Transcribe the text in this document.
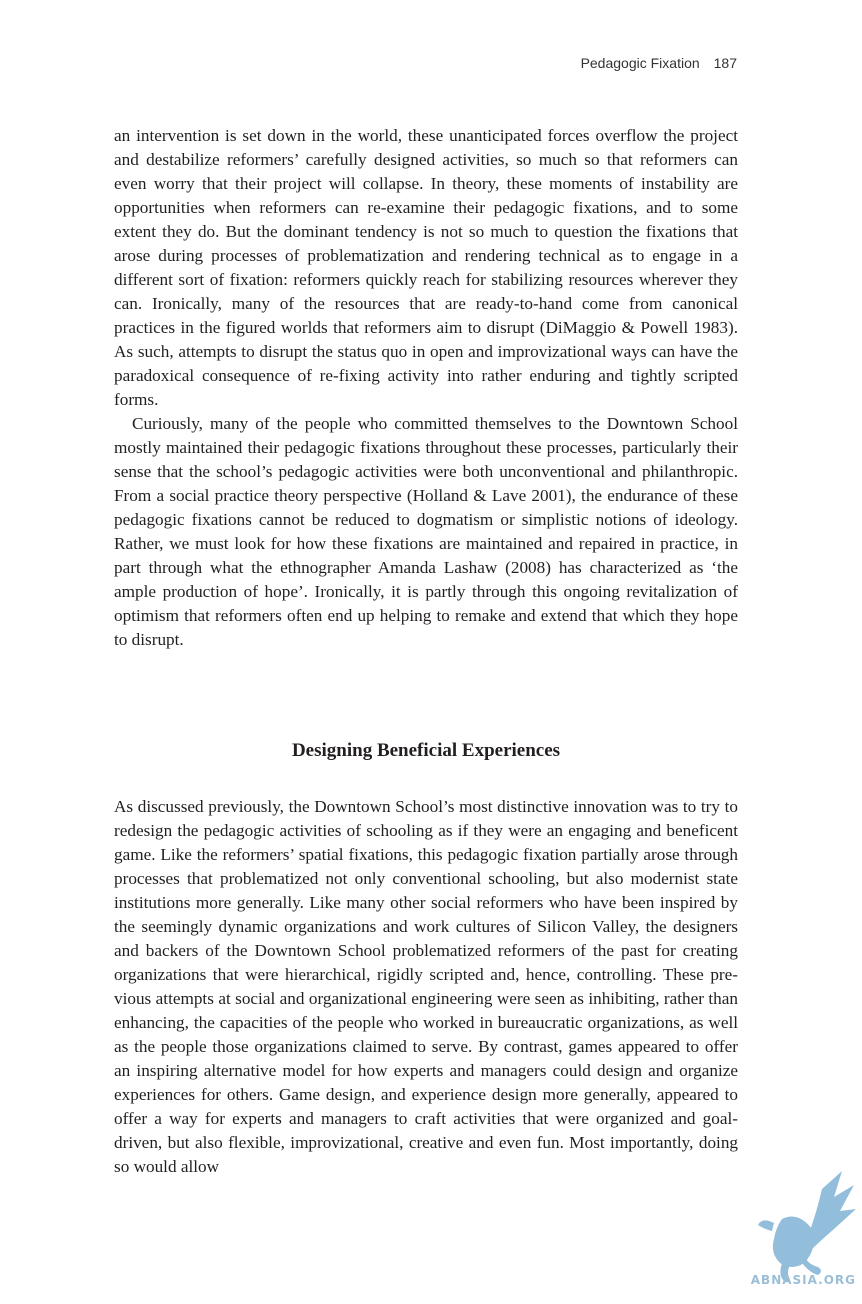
Pedagogic Fixation 187

an intervention is set down in the world, these unanticipated forces overflow the project and destabilize reformers’ carefully designed activities, so much so that reformers can even worry that their project will collapse. In theory, these moments of instability are opportunities when reformers can re-examine their pedagogic fixations, and to some extent they do. But the dominant tendency is not so much to question the fixations that arose during processes of problematization and rendering technical as to engage in a different sort of fixation: reformers quickly reach for stabilizing resources wherever they can. Ironically, many of the resources that are ready-to-hand come from canonical practices in the figured worlds that reformers aim to disrupt (DiMaggio & Powell 1983). As such, attempts to disrupt the status quo in open and improvizational ways can have the paradoxical consequence of re-fixing activity into rather enduring and tightly scripted forms.

Curiously, many of the people who committed themselves to the Downtown School mostly maintained their pedagogic fixations throughout these processes, particularly their sense that the school’s pedagogic activities were both unconventional and philanthropic. From a social practice theory perspective (Holland & Lave 2001), the endurance of these pedagogic fixations cannot be reduced to dogmatism or simplistic notions of ideology. Rather, we must look for how these fixations are maintained and repaired in practice, in part through what the ethnographer Amanda Lashaw (2008) has characterized as ‘the ample production of hope’. Ironically, it is partly through this ongoing revitalization of optimism that reformers often end up helping to remake and extend that which they hope to disrupt.

Designing Beneficial Experiences

As discussed previously, the Downtown School’s most distinctive innovation was to try to redesign the pedagogic activities of schooling as if they were an engaging and beneficent game. Like the reformers’ spatial fixations, this pedagogic fixation partially arose through processes that problematized not only conventional schooling, but also modernist state institutions more generally. Like many other social reformers who have been inspired by the seemingly dynamic organizations and work cultures of Silicon Valley, the designers and backers of the Downtown School problematized reformers of the past for creating organizations that were hierarchical, rigidly scripted and, hence, controlling. These previous attempts at social and organizational engineering were seen as inhibiting, rather than enhancing, the capacities of the people who worked in bureaucratic organizations, as well as the people those organizations claimed to serve. By contrast, games appeared to offer an inspiring alternative model for how experts and managers could design and organize experiences for others. Game design, and experience design more generally, appeared to offer a way for experts and managers to craft activities that were organized and goal-driven, but also flexible, improvizational, creative and even fun. Most importantly, doing so would allow

ABNASIA.ORG
